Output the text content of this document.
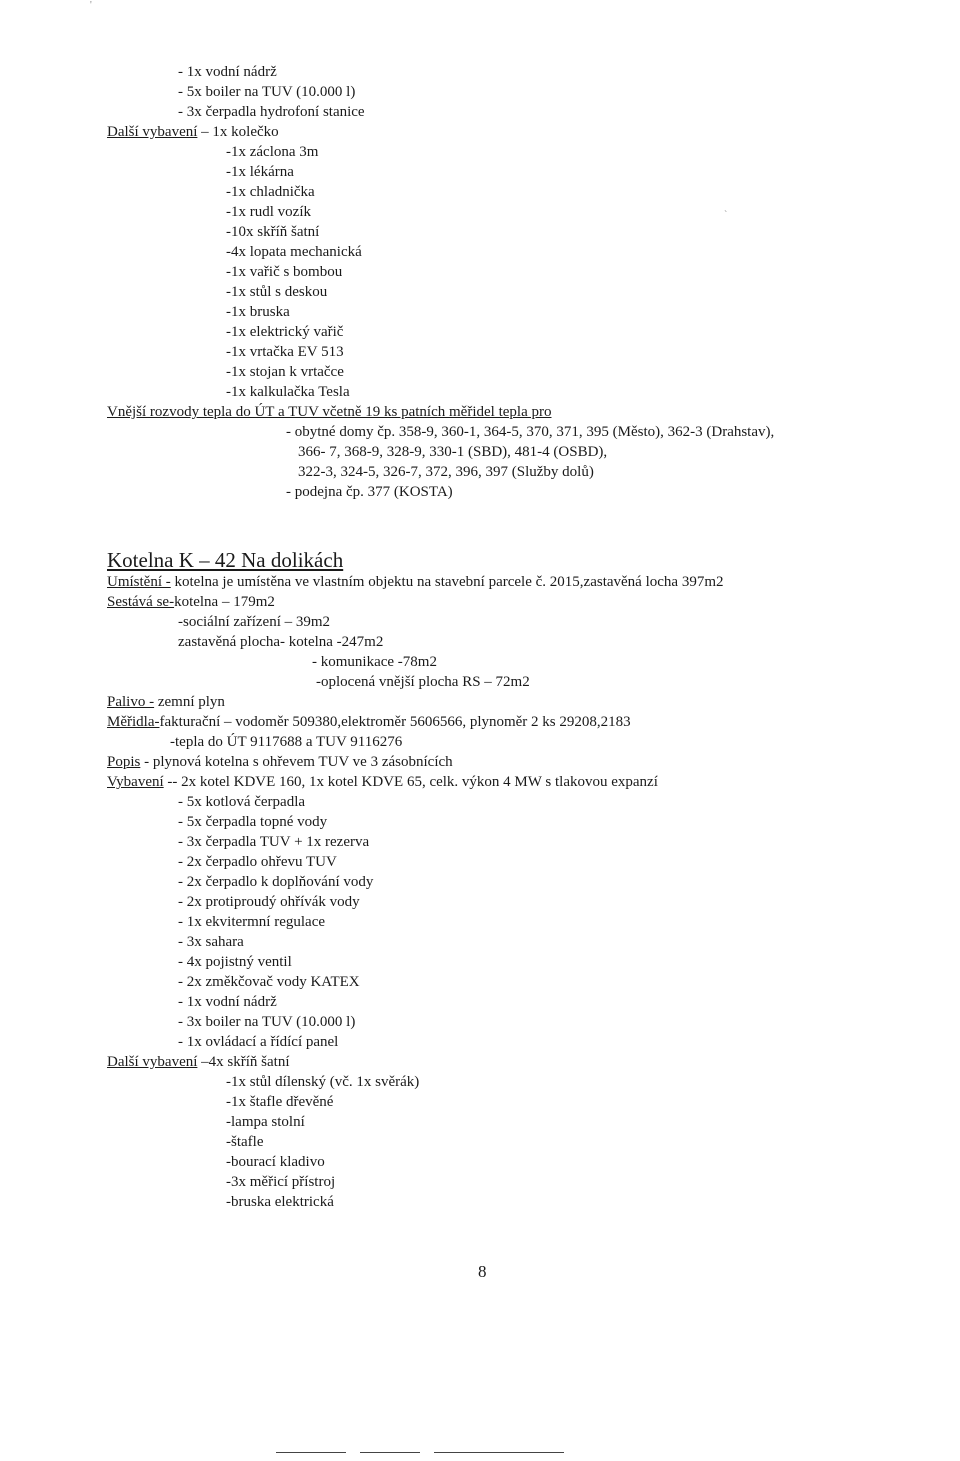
'
`
- 1x vodní nádrž
- 5x boiler na TUV (10.000 l)
- 3x čerpadla hydrofoní stanice
Další vybavení – 1x kolečko
-1x záclona 3m
-1x lékárna
-1x chladnička
-1x rudl vozík
-10x skříň šatní
-4x lopata mechanická
-1x vařič s bombou
-1x stůl s deskou
-1x bruska
-1x elektrický vařič
-1x vrtačka EV 513
-1x stojan k vrtačce
-1x kalkulačka Tesla
Vnější rozvody tepla do ÚT a TUV včetně 19 ks patních měřidel tepla pro
- obytné domy čp. 358-9, 360-1, 364-5, 370, 371, 395 (Město), 362-3 (Drahstav),
366- 7, 368-9, 328-9, 330-1 (SBD), 481-4 (OSBD),
322-3, 324-5, 326-7, 372, 396, 397 (Služby dolů)
- podejna čp. 377 (KOSTA)
Kotelna K – 42 Na dolikách
Umístění - kotelna je umístěna ve vlastním objektu na stavební parcele č. 2015,zastavěná locha 397m2
Sestává se-kotelna – 179m2
-sociální zařízení – 39m2
zastavěná plocha- kotelna -247m2
- komunikace -78m2
-oplocená vnější plocha RS – 72m2
Palivo - zemní plyn
Měřidla-fakturační – vodoměr 509380,elektroměr 5606566, plynoměr 2 ks 29208,2183
-tepla do ÚT 9117688 a TUV 9116276
Popis - plynová kotelna s ohřevem TUV ve 3 zásobnících
Vybavení -- 2x kotel KDVE 160, 1x kotel KDVE 65, celk. výkon 4 MW s tlakovou expanzí
- 5x kotlová čerpadla
- 5x čerpadla topné vody
- 3x čerpadla TUV + 1x rezerva
- 2x čerpadlo ohřevu TUV
- 2x čerpadlo k doplňování vody
- 2x protiproudý ohřívák vody
- 1x ekvitermní regulace
- 3x sahara
- 4x pojistný ventil
- 2x změkčovač vody KATEX
- 1x vodní nádrž
- 3x boiler na TUV (10.000 l)
- 1x ovládací a řídící panel
Další vybavení –4x skříň šatní
-1x stůl dílenský (vč. 1x svěrák)
-1x štafle dřevěné
-lampa stolní
-štafle
-bourací kladivo
-3x měřicí přístroj
-bruska elektrická
8
